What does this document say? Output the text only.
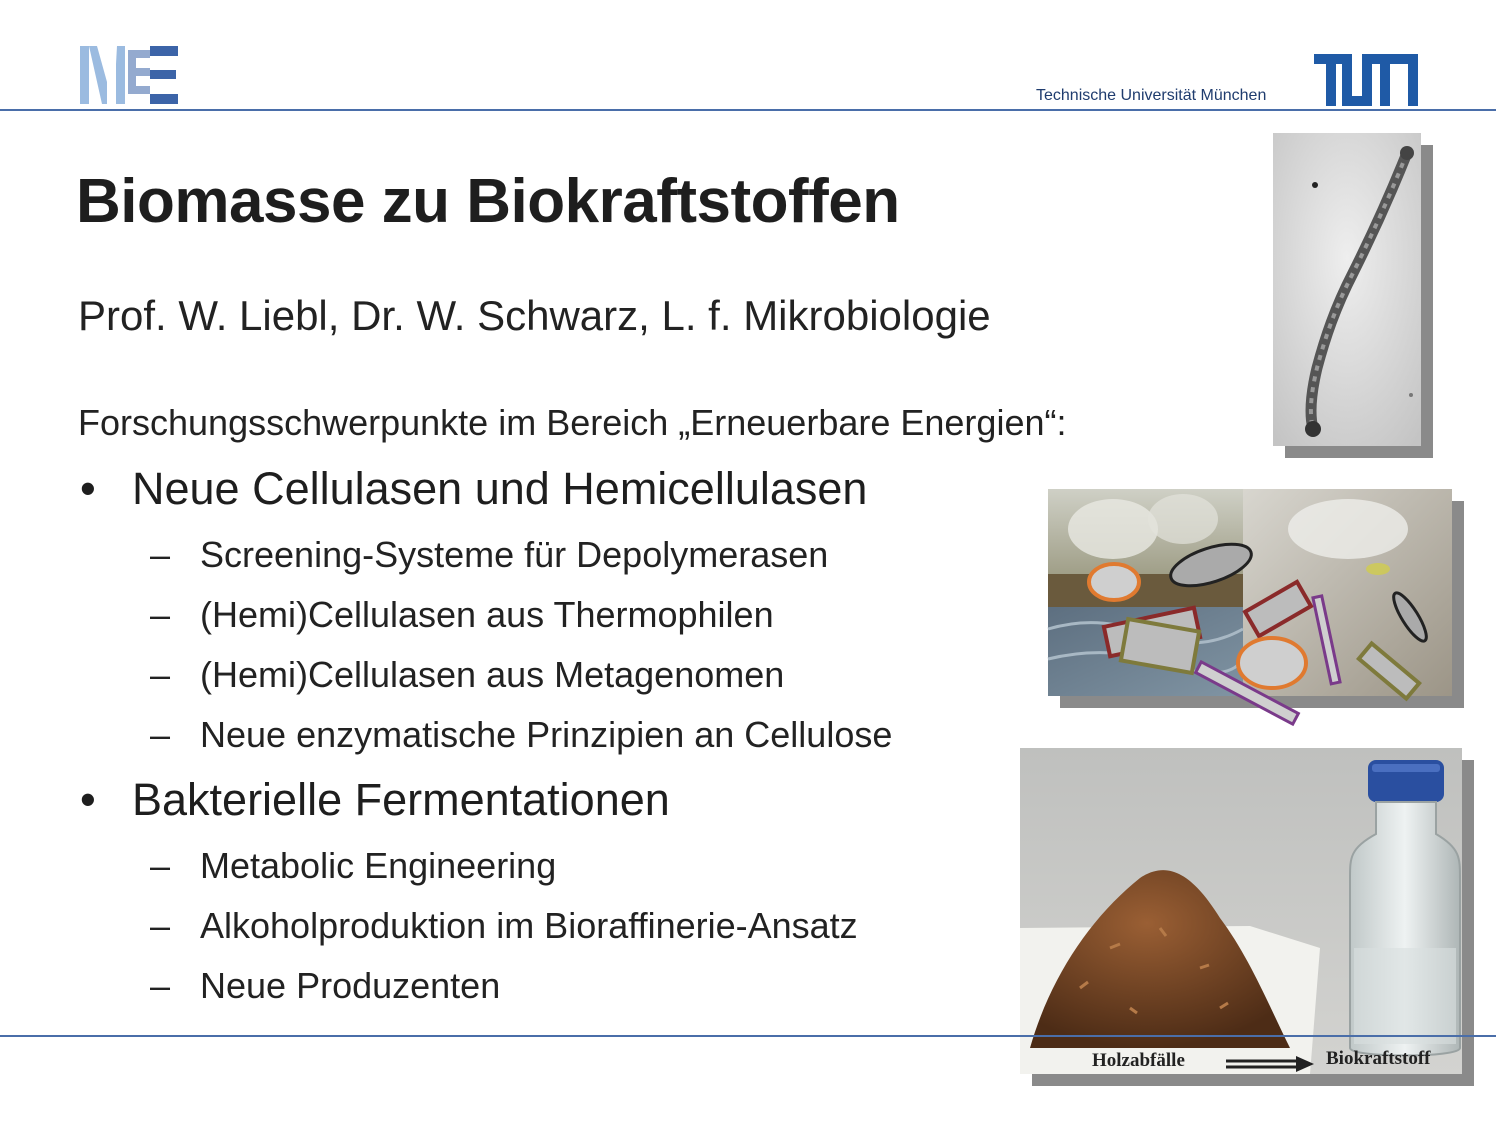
Technische Universität München
Biomasse zu Biokraftstoffen
Prof. W. Liebl, Dr. W. Schwarz, L. f. Mikrobiologie
Forschungsschwerpunkte im Bereich „Erneuerbare Energien“:
• Neue Cellulasen und Hemicellulasen
– Screening-Systeme für Depolymerasen
– (Hemi)Cellulasen aus Thermophilen
– (Hemi)Cellulasen aus Metagenomen
– Neue enzymatische Prinzipien an Cellulose
• Bakterielle Fermentationen
– Metabolic Engineering
– Alkoholproduktion im Bioraffinerie-Ansatz
– Neue Produzenten
Holzabfälle	Biokraftstoff
